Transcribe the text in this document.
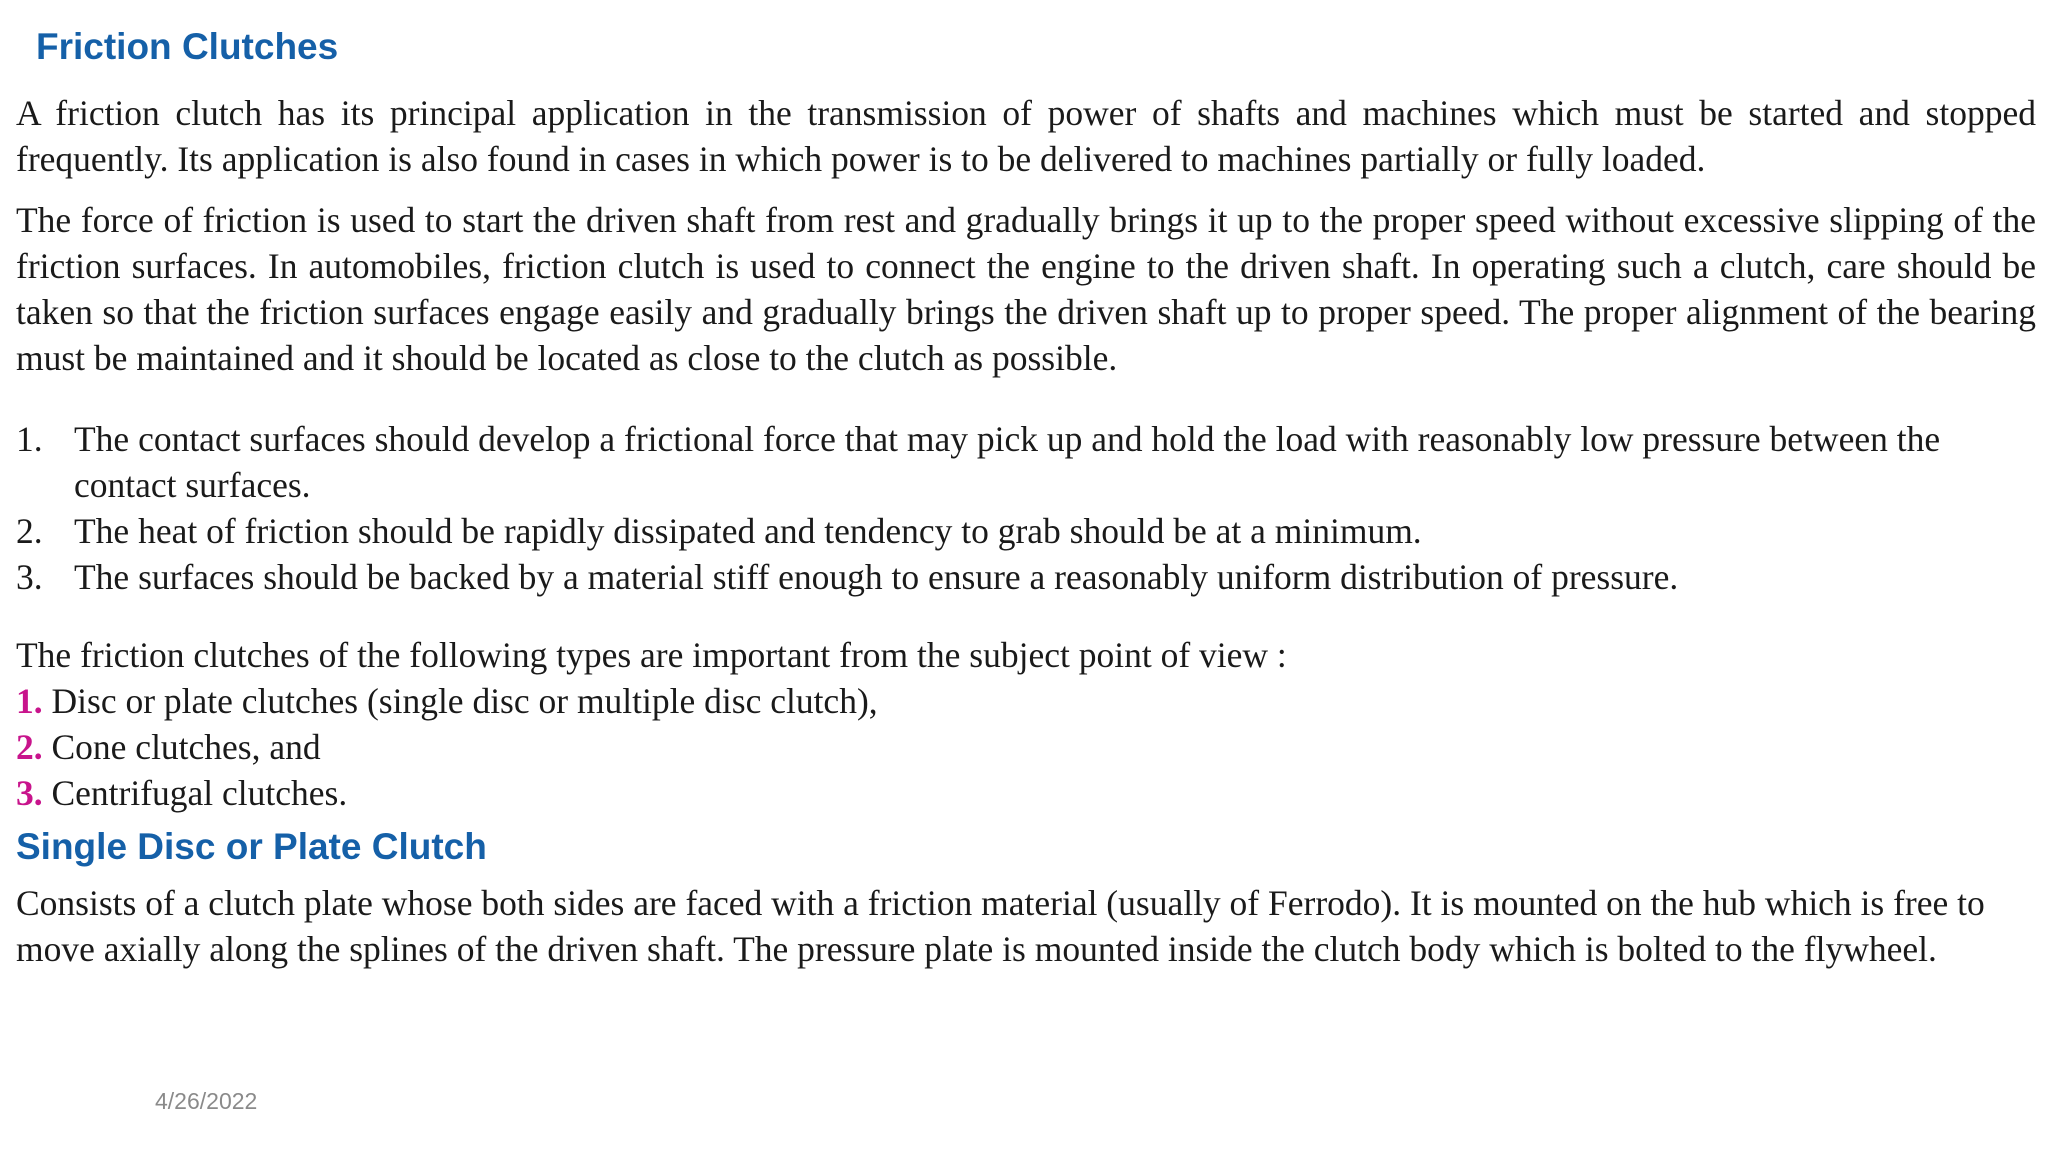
Friction Clutches

A friction clutch has its principal application in the transmission of power of shafts and machines which must be started and stopped frequently. Its application is also found in cases in which power is to be delivered to machines partially or fully loaded.

The force of friction is used to start the driven shaft from rest and gradually brings it up to the proper speed without excessive slipping of the friction surfaces. In automobiles, friction clutch is used to connect the engine to the driven shaft. In operating such a clutch, care should be taken so that the friction surfaces engage easily and gradually brings the driven shaft up to proper speed. The proper alignment of the bearing must be maintained and it should be located as close to the clutch as possible.

1. The contact surfaces should develop a frictional force that may pick up and hold the load with reasonably low pressure between the contact surfaces.
2. The heat of friction should be rapidly dissipated and tendency to grab should be at a minimum.
3. The surfaces should be backed by a material stiff enough to ensure a reasonably uniform distribution of pressure.

The friction clutches of the following types are important from the subject point of view :

1. Disc or plate clutches (single disc or multiple disc clutch),
2. Cone clutches, and
3. Centrifugal clutches.
Single Disc or Plate Clutch

Consists of a clutch plate whose both sides are faced with a friction material (usually of Ferrodo). It is mounted on the hub which is free to move axially along the splines of the driven shaft. The pressure plate is mounted inside the clutch body which is bolted to the flywheel.

4/26/2022
